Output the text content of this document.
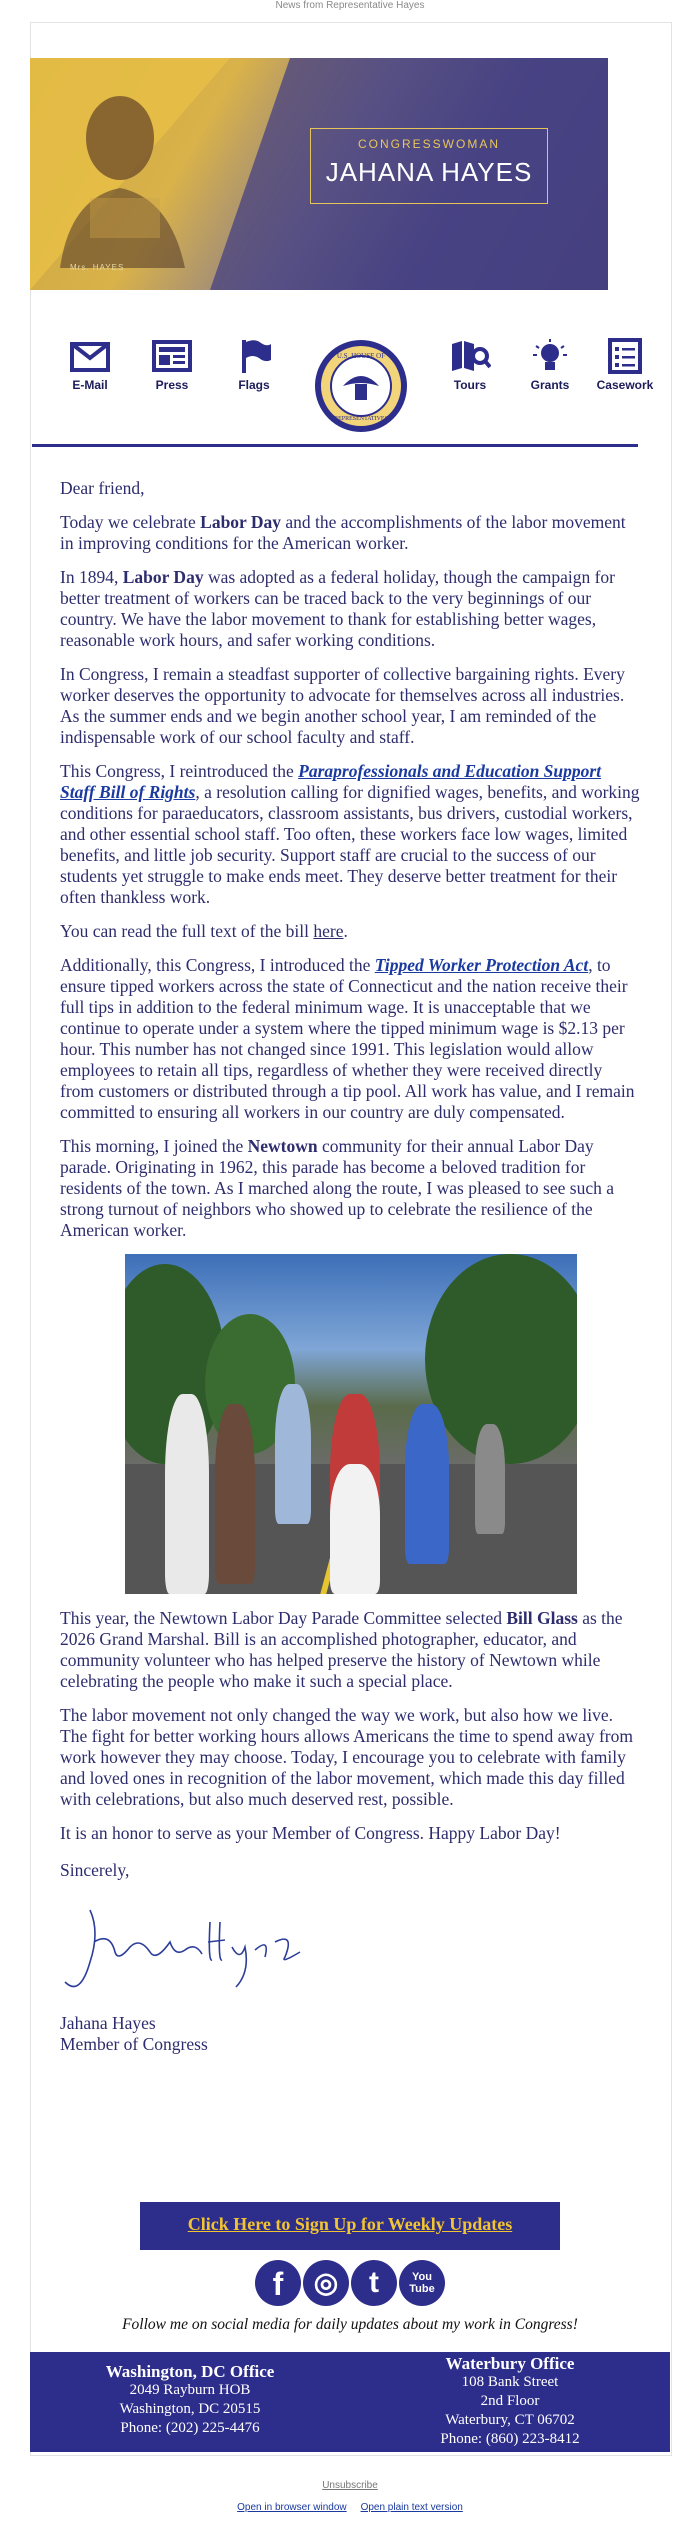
News from Representative Hayes
Mrs. HAYES
CONGRESSWOMAN
JAHANA HAYES
E-Mail	Press	Flags
U.S. HOUSE OF
REPRESENTATIVES
Tours	Grants	Casework

Dear friend,

Today we celebrate Labor Day and the accomplishments of the labor movement in improving conditions for the American worker.

In 1894, Labor Day was adopted as a federal holiday, though the campaign for better treatment of workers can be traced back to the very beginnings of our country. We have the labor movement to thank for establishing better wages, reasonable work hours, and safer working conditions.

In Congress, I remain a steadfast supporter of collective bargaining rights. Every worker deserves the opportunity to advocate for themselves across all industries. As the summer ends and we begin another school year, I am reminded of the indispensable work of our school faculty and staff.

This Congress, I reintroduced the Paraprofessionals and Education Support Staff Bill of Rights, a resolution calling for dignified wages, benefits, and working conditions for paraeducators, classroom assistants, bus drivers, custodial workers, and other essential school staff. Too often, these workers face low wages, limited benefits, and little job security. Support staff are crucial to the success of our students yet struggle to make ends meet. They deserve better treatment for their often thankless work.

You can read the full text of the bill here.

Additionally, this Congress, I introduced the Tipped Worker Protection Act, to ensure tipped workers across the state of Connecticut and the nation receive their full tips in addition to the federal minimum wage. It is unacceptable that we continue to operate under a system where the tipped minimum wage is $2.13 per hour. This number has not changed since 1991. This legislation would allow employees to retain all tips, regardless of whether they were received directly from customers or distributed through a tip pool. All work has value, and I remain committed to ensuring all workers in our country are duly compensated.

This morning, I joined the Newtown community for their annual Labor Day parade. Originating in 1962, this parade has become a beloved tradition for residents of the town. As I marched along the route, I was pleased to see such a strong turnout of neighbors who showed up to celebrate the resilience of the American worker.

This year, the Newtown Labor Day Parade Committee selected Bill Glass as the 2026 Grand Marshal. Bill is an accomplished photographer, educator, and community volunteer who has helped preserve the history of Newtown while celebrating the people who make it such a special place.

The labor movement not only changed the way we work, but also how we live. The fight for better working hours allows Americans the time to spend away from work however they may choose. Today, I encourage you to celebrate with family and loved ones in recognition of the labor movement, which made this day filled with celebrations, but also much deserved rest, possible.

It is an honor to serve as your Member of Congress. Happy Labor Day!

Sincerely,

Jahana Hayes
Member of Congress
Click Here to Sign Up for Weekly Updates
f	◎	t	You Tube
Follow me on social media for daily updates about my work in Congress!
Washington, DC Office
2049 Rayburn HOB
Washington, DC 20515
Phone: (202) 225-4476
Waterbury Office
108 Bank Street
2nd Floor
Waterbury, CT 06702
Phone: (860) 223-8412
Unsubscribe
Open in browser window Open plain text version
